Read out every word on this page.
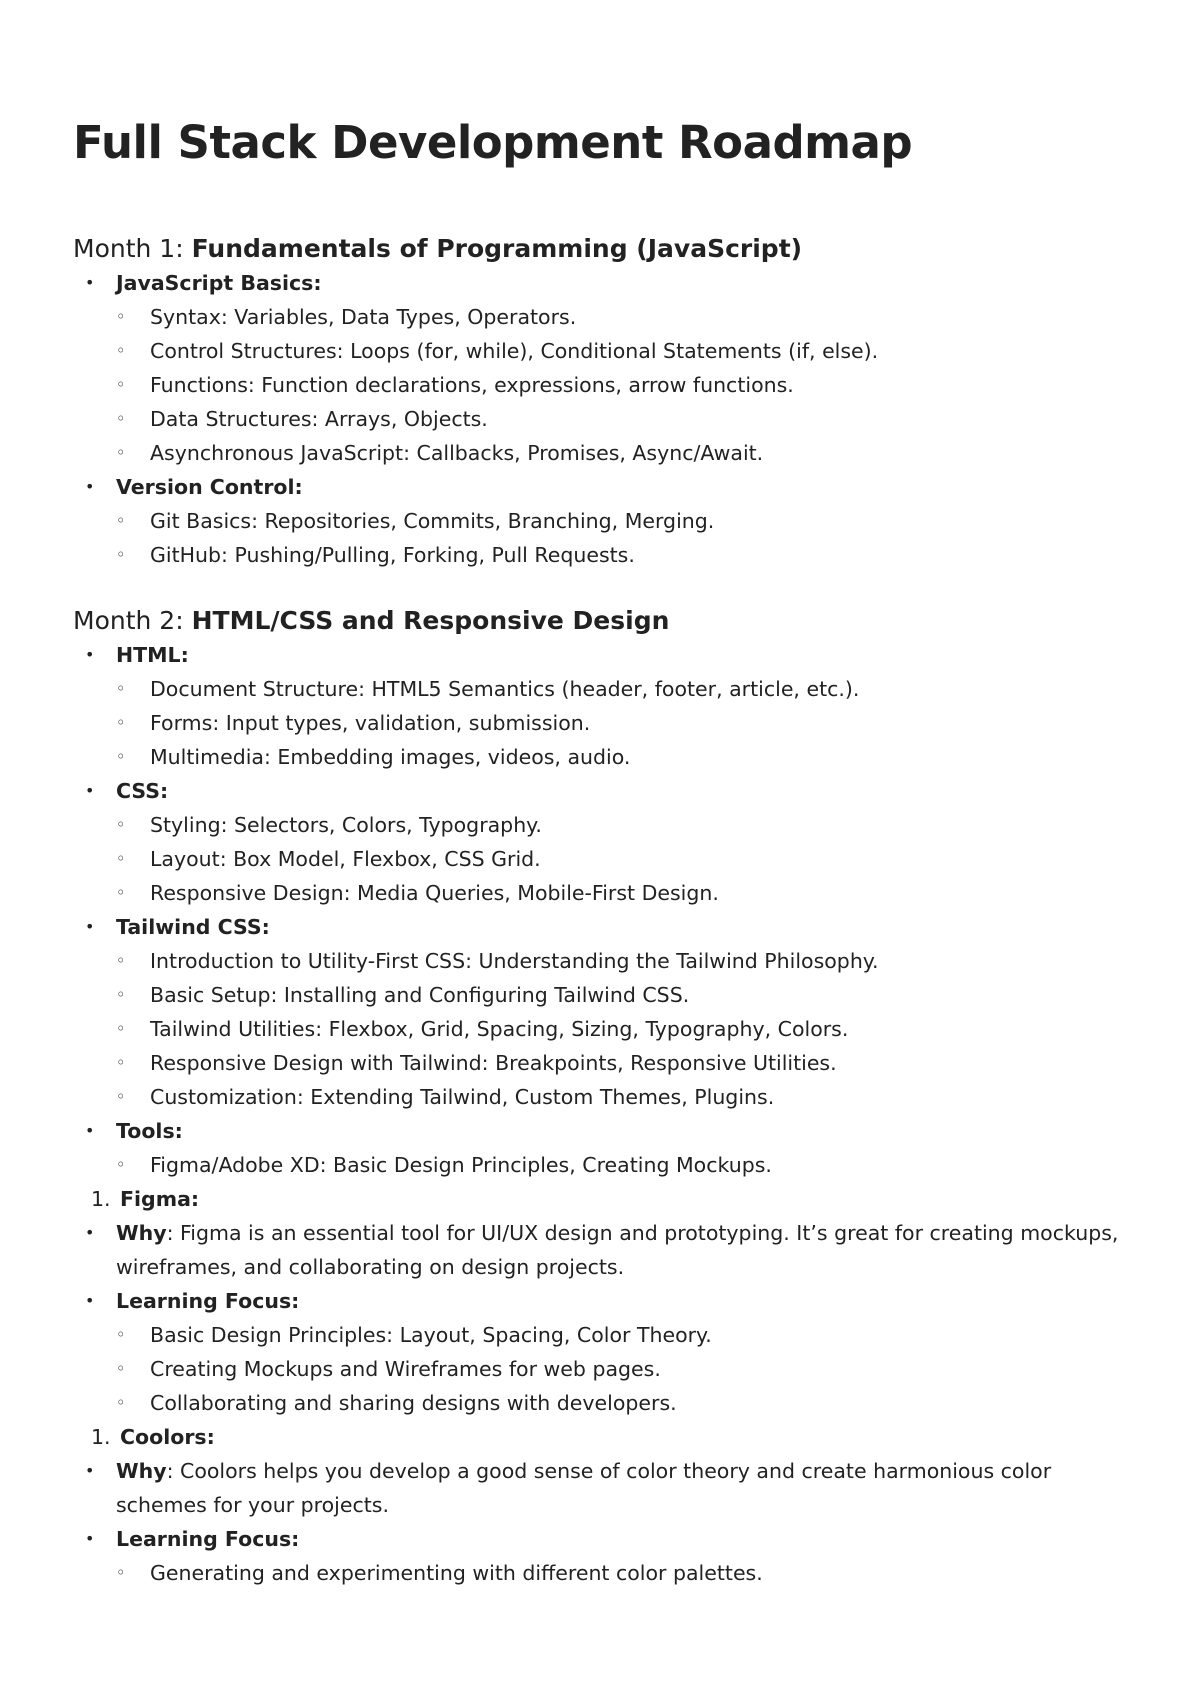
Full Stack Development Roadmap
Month 1: Fundamentals of Programming (JavaScript)
• JavaScript Basics:
◦ Syntax: Variables, Data Types, Operators.
◦ Control Structures: Loops (for, while), Conditional Statements (if, else).
◦ Functions: Function declarations, expressions, arrow functions.
◦ Data Structures: Arrays, Objects.
◦ Asynchronous JavaScript: Callbacks, Promises, Async/Await.
• Version Control:
◦ Git Basics: Repositories, Commits, Branching, Merging.
◦ GitHub: Pushing/Pulling, Forking, Pull Requests.
Month 2: HTML/CSS and Responsive Design
• HTML:
◦ Document Structure: HTML5 Semantics (header, footer, article, etc.).
◦ Forms: Input types, validation, submission.
◦ Multimedia: Embedding images, videos, audio.
• CSS:
◦ Styling: Selectors, Colors, Typography.
◦ Layout: Box Model, Flexbox, CSS Grid.
◦ Responsive Design: Media Queries, Mobile-First Design.
• Tailwind CSS:
◦ Introduction to Utility-First CSS: Understanding the Tailwind Philosophy.
◦ Basic Setup: Installing and Configuring Tailwind CSS.
◦ Tailwind Utilities: Flexbox, Grid, Spacing, Sizing, Typography, Colors.
◦ Responsive Design with Tailwind: Breakpoints, Responsive Utilities.
◦ Customization: Extending Tailwind, Custom Themes, Plugins.
• Tools:
◦ Figma/Adobe XD: Basic Design Principles, Creating Mockups.
1. Figma:
• Why: Figma is an essential tool for UI/UX design and prototyping. It’s great for creating mockups, wireframes, and collaborating on design projects.
• Learning Focus:
◦ Basic Design Principles: Layout, Spacing, Color Theory.
◦ Creating Mockups and Wireframes for web pages.
◦ Collaborating and sharing designs with developers.
1. Coolors:
• Why: Coolors helps you develop a good sense of color theory and create harmonious color schemes for your projects.
• Learning Focus:
◦ Generating and experimenting with different color palettes.
